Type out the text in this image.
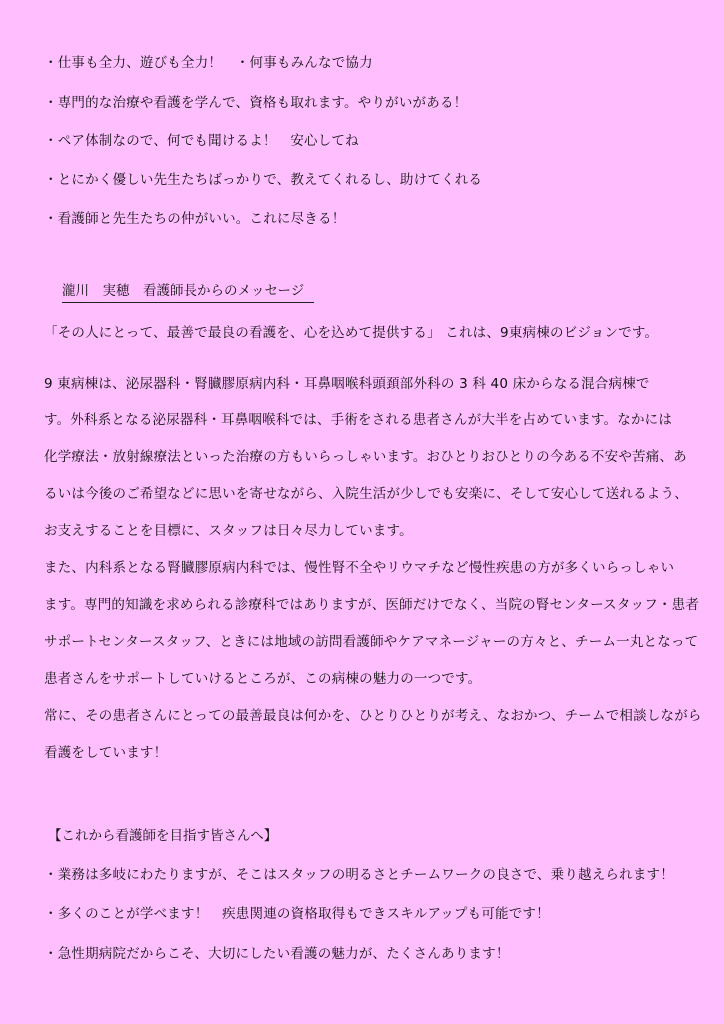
・仕事も全力、遊びも全力！　・何事もみんなで協力
・専門的な治療や看護を学んで、資格も取れます。やりがいがある！
・ペア体制なので、何でも聞けるよ！　安心してね
・とにかく優しい先生たちばっかりで、教えてくれるし、助けてくれる
・看護師と先生たちの仲がいい。これに尽きる！
瀧川　実穂　看護師長からのメッセージ
「その人にとって、最善で最良の看護を、心を込めて提供する」 これは、9東病棟のビジョンです。
9 東病棟は、泌尿器科・腎臓膠原病内科・耳鼻咽喉科頭頚部外科の 3 科 40 床からなる混合病棟で
す。外科系となる泌尿器科・耳鼻咽喉科では、手術をされる患者さんが大半を占めています。なかには
化学療法・放射線療法といった治療の方もいらっしゃいます。おひとりおひとりの今ある不安や苦痛、あ
るいは今後のご希望などに思いを寄せながら、入院生活が少しでも安楽に、そして安心して送れるよう、
お支えすることを目標に、スタッフは日々尽力しています。
また、内科系となる腎臓膠原病内科では、慢性腎不全やリウマチなど慢性疾患の方が多くいらっしゃい
ます。専門的知識を求められる診療科ではありますが、医師だけでなく、当院の腎センタースタッフ・患者
サポートセンタースタッフ、ときには地域の訪問看護師やケアマネージャーの方々と、チーム一丸となって
患者さんをサポートしていけるところが、この病棟の魅力の一つです。
常に、その患者さんにとっての最善最良は何かを、ひとりひとりが考え、なおかつ、チームで相談しながら
看護をしています！
【これから看護師を目指す皆さんへ】
・業務は多岐にわたりますが、そこはスタッフの明るさとチームワークの良さで、乗り越えられます！
・多くのことが学べます！　疾患関連の資格取得もできスキルアップも可能です！
・急性期病院だからこそ、大切にしたい看護の魅力が、たくさんあります！
